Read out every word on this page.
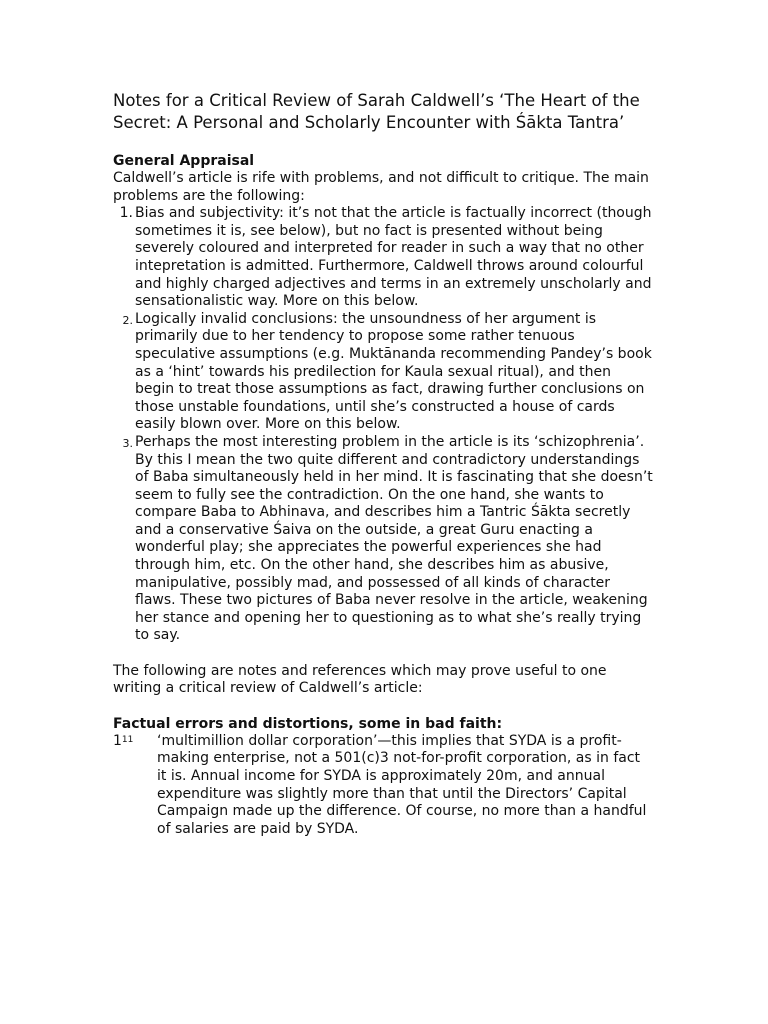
Notes for a Critical Review of Sarah Caldwell’s ‘The Heart of the Secret: A Personal and Scholarly Encounter with Śākta Tantra’
General Appraisal

Caldwell’s article is rife with problems, and not difficult to critique. The main problems are the following:

1. Bias and subjectivity: it’s not that the article is factually incorrect (though sometimes it is, see below), but no fact is presented without being severely coloured and interpreted for reader in such a way that no other intepretation is admitted. Furthermore, Caldwell throws around colourful and highly charged adjectives and terms in an extremely unscholarly and sensationalistic way. More on this below.
2. Logically invalid conclusions: the unsoundness of her argument is primarily due to her tendency to propose some rather tenuous speculative assumptions (e.g. Muktānanda recommending Pandey’s book as a ‘hint’ towards his predilection for Kaula sexual ritual), and then begin to treat those assumptions as fact, drawing further conclusions on those unstable foundations, until she’s constructed a house of cards easily blown over. More on this below.
3. Perhaps the most interesting problem in the article is its ‘schizophrenia’. By this I mean the two quite different and contradictory understandings of Baba simultaneously held in her mind. It is fascinating that she doesn’t seem to fully see the contradiction. On the one hand, she wants to compare Baba to Abhinava, and describes him a Tantric Śākta secretly and a conservative Śaiva on the outside, a great Guru enacting a wonderful play; she appreciates the powerful experiences she had through him, etc. On the other hand, she describes him as abusive, manipulative, possibly mad, and possessed of all kinds of character flaws. These two pictures of Baba never resolve in the article, weakening her stance and opening her to questioning as to what she’s really trying to say.

The following are notes and references which may prove useful to one writing a critical review of Caldwell’s article:

Factual errors and distortions, some in bad faith:
$1^{11}$ ‘multimillion dollar corporation’—this implies that SYDA is a profit-making enterprise, not a 501(c)3 not-for-profit corporation, as in fact it is. Annual income for SYDA is approximately 20m, and annual expenditure was slightly more than that until the Directors’ Capital Campaign made up the difference. Of course, no more than a handful of salaries are paid by SYDA.
